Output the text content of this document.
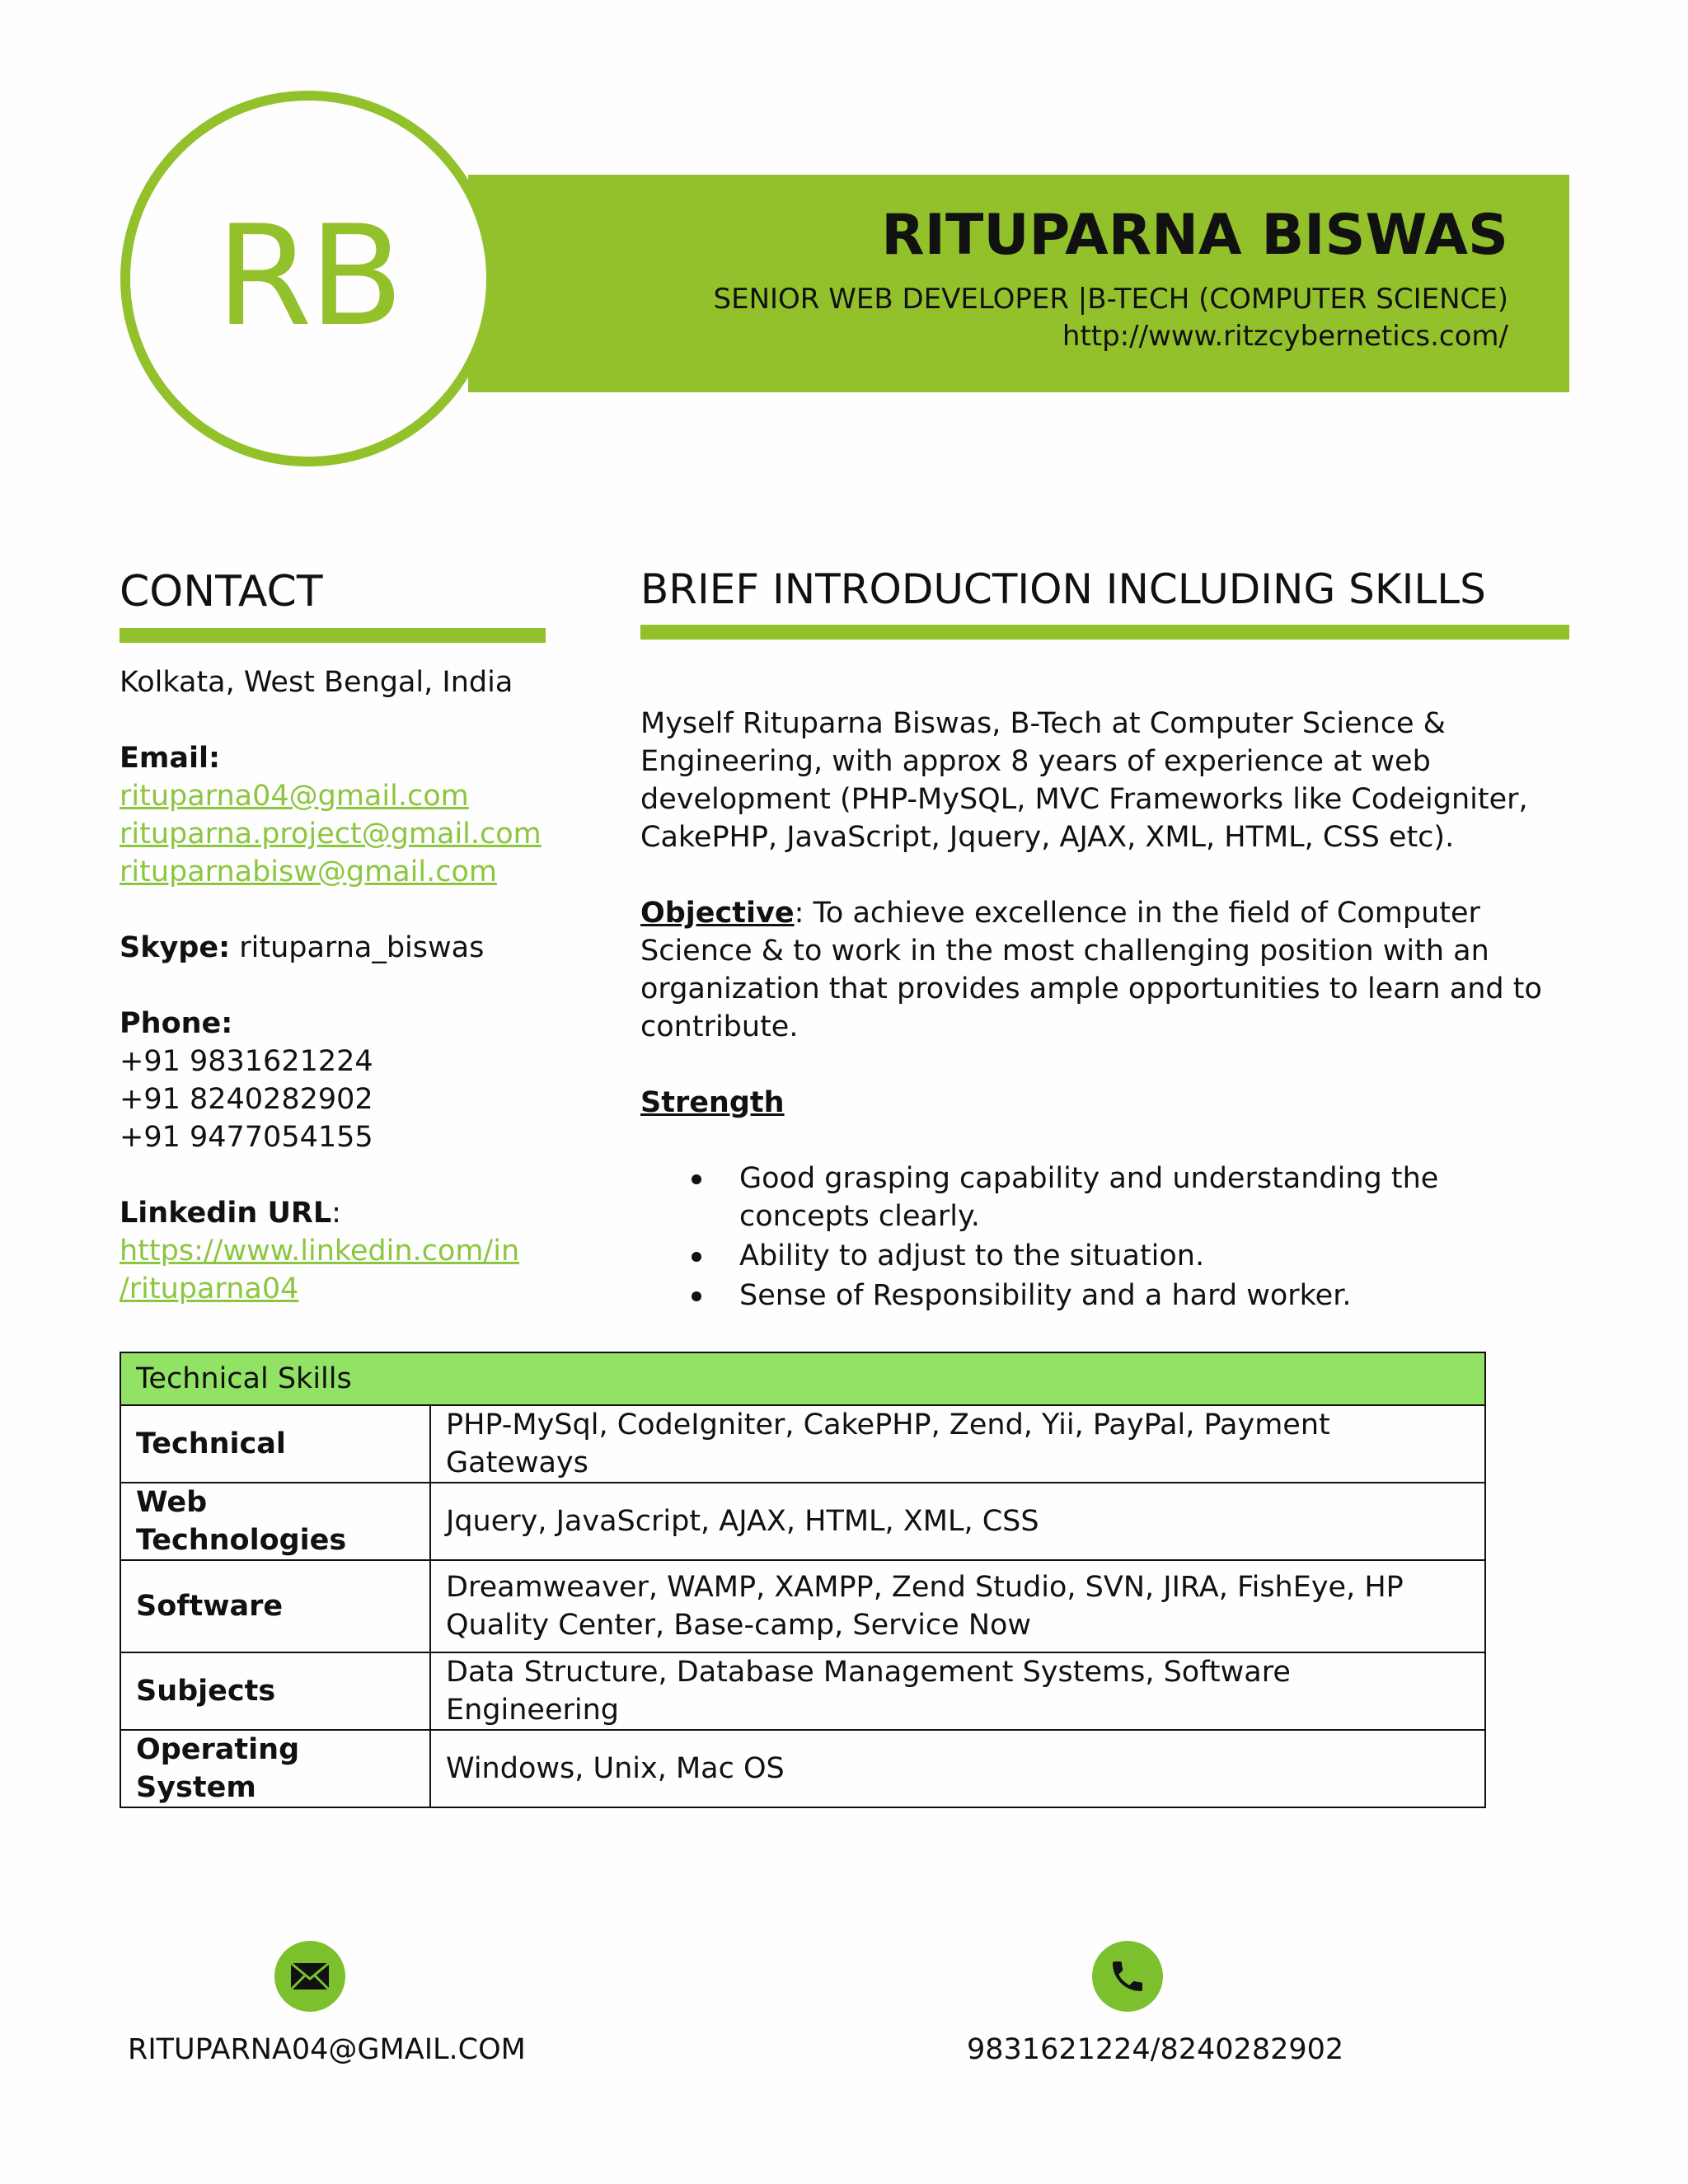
RB	RITUPARNA BISWAS
SENIOR WEB DEVELOPER |B-TECH (COMPUTER SCIENCE)
http://www.ritzcybernetics.com/
CONTACT	BRIEF INTRODUCTION INCLUDING SKILLS
Kolkata, West Bengal, India
Email:
rituparna04@gmail.com
rituparna.project@gmail.com
rituparnabisw@gmail.com
Skype: rituparna_biswas
Phone:
+91 9831621224
+91 8240282902
+91 9477054155
Linkedin URL:
https://www.linkedin.com/in
/rituparna04

Myself Rituparna Biswas, B-Tech at Computer Science & Engineering, with approx 8 years of experience at web development (PHP-MySQL, MVC Frameworks like Codeigniter, CakePHP, JavaScript, Jquery, AJAX, XML, HTML, CSS etc).

Objective: To achieve excellence in the field of Computer Science & to work in the most challenging position with an organization that provides ample opportunities to learn and to contribute.

Strength

Good grasping capability and understanding the concepts clearly.
Ability to adjust to the situation.
Sense of Responsibility and a hard worker.
Technical Skills	
Technical	PHP-MySql, CodeIgniter, CakePHP, Zend, Yii, PayPal, Payment Gateways
Web Technologies	Jquery, JavaScript, AJAX, HTML, XML, CSS
Software	Dreamweaver, WAMP, XAMPP, Zend Studio, SVN, JIRA, FishEye, HP Quality Center, Base-camp, Service Now
Subjects	Data Structure, Database Management Systems, Software Engineering
Operating System	Windows, Unix, Mac OS
RITUPARNA04@GMAIL.COM	9831621224/8240282902
